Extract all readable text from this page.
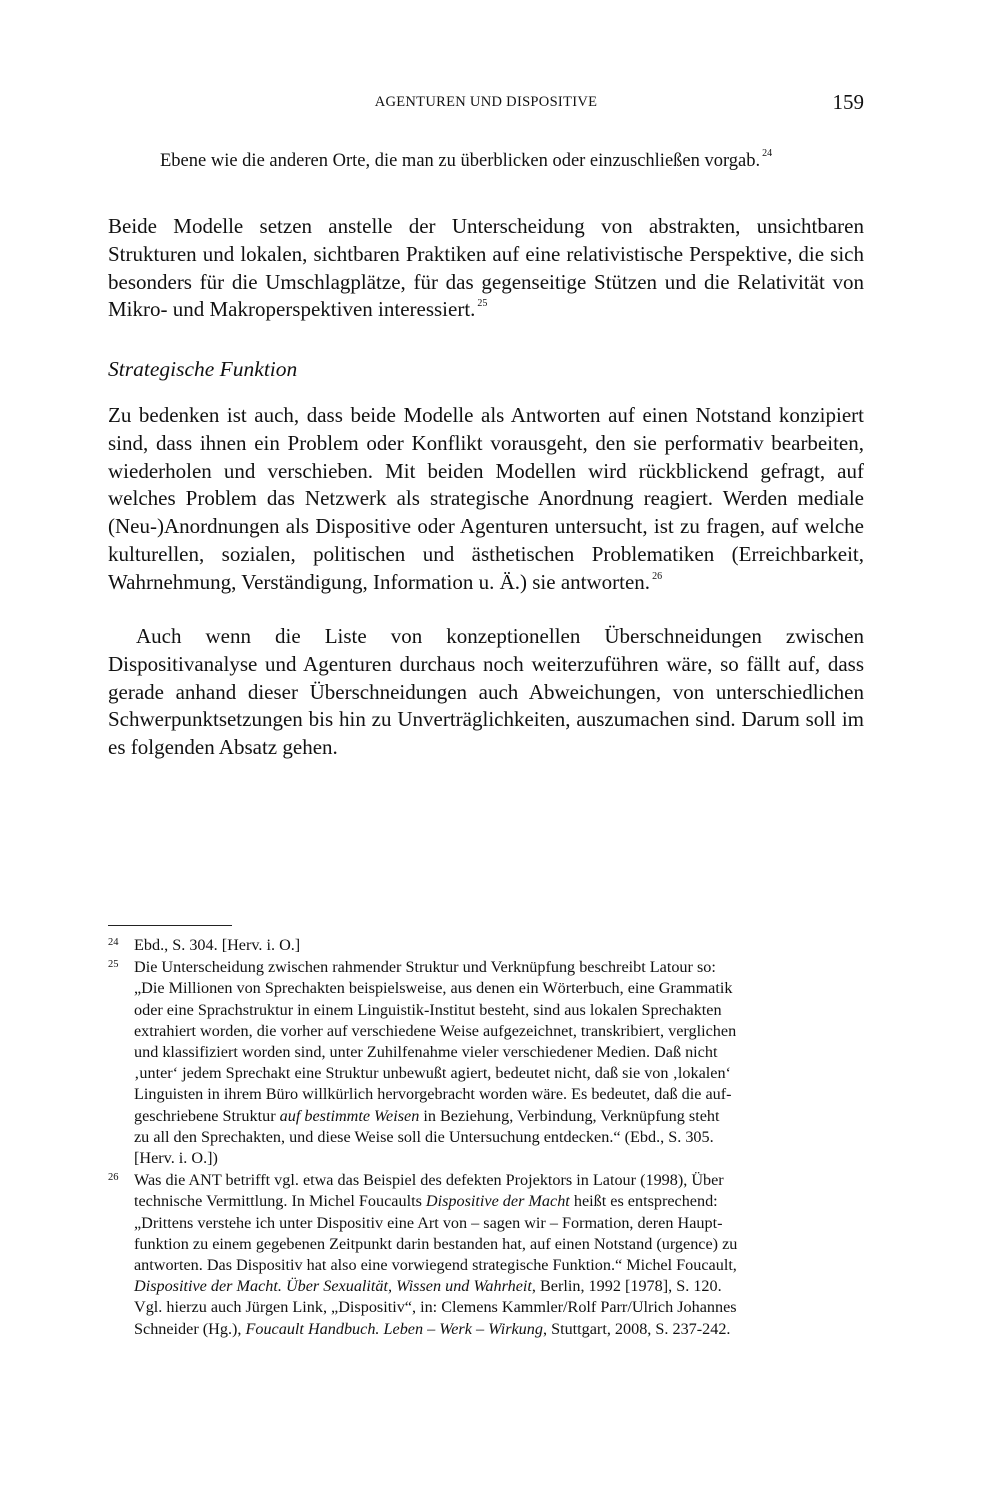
AGENTUREN UND DISPOSITIVE	159

Ebene wie die anderen Orte, die man zu überblicken oder einzuschließen vorgab. $^{24}$

Beide Modelle setzen anstelle der Unterscheidung von abstrakten, unsichtbaren Strukturen und lokalen, sichtbaren Praktiken auf eine relativistische Perspektive, die sich besonders für die Umschlagplätze, für das gegenseitige Stützen und die Relativität von Mikro- und Makroperspektiven interessiert. $^{25}$

Strategische Funktion

Zu bedenken ist auch, dass beide Modelle als Antworten auf einen Notstand konzipiert sind, dass ihnen ein Problem oder Konflikt vorausgeht, den sie performativ bearbeiten, wiederholen und verschieben. Mit beiden Modellen wird rückblickend gefragt, auf welches Problem das Netzwerk als strategische Anordnung reagiert. Werden mediale (Neu-)Anordnungen als Dispositive oder Agenturen untersucht, ist zu fragen, auf welche kulturellen, sozialen, politischen und ästhetischen Problematiken (Erreichbarkeit, Wahrnehmung, Verständigung, Information u. Ä.) sie antworten. $^{26}$

Auch wenn die Liste von konzeptionellen Überschneidungen zwischen Dispositivanalyse und Agenturen durchaus noch weiterzuführen wäre, so fällt auf, dass gerade anhand dieser Überschneidungen auch Abweichungen, von unterschiedlichen Schwerpunktsetzungen bis hin zu Unverträglichkeiten, auszumachen sind. Darum soll im es folgenden Absatz gehen.

24 Ebd., S. 304. [Herv. i. O.]
25 Die Unterscheidung zwischen rahmender Struktur und Verknüpfung beschreibt Latour so:
„Die Millionen von Sprechakten beispielsweise, aus denen ein Wörterbuch, eine Grammatik
oder eine Sprachstruktur in einem Linguistik-Institut besteht, sind aus lokalen Sprechakten
extrahiert worden, die vorher auf verschiedene Weise aufgezeichnet, transkribiert, verglichen
und klassifiziert worden sind, unter Zuhilfenahme vieler verschiedener Medien. Daß nicht
‚unter‘ jedem Sprechakt eine Struktur unbewußt agiert, bedeutet nicht, daß sie von ‚lokalen‘
Linguisten in ihrem Büro willkürlich hervorgebracht worden wäre. Es bedeutet, daß die auf-
geschriebene Struktur auf bestimmte Weisen in Beziehung, Verbindung, Verknüpfung steht
zu all den Sprechakten, und diese Weise soll die Untersuchung entdecken.“ (Ebd., S. 305.
[Herv. i. O.])
26 Was die ANT betrifft vgl. etwa das Beispiel des defekten Projektors in Latour (1998), Über
technische Vermittlung. In Michel Foucaults Dispositive der Macht heißt es entsprechend:
„Drittens verstehe ich unter Dispositiv eine Art von – sagen wir – Formation, deren Haupt-
funktion zu einem gegebenen Zeitpunkt darin bestanden hat, auf einen Notstand (urgence) zu
antworten. Das Dispositiv hat also eine vorwiegend strategische Funktion.“ Michel Foucault,
Dispositive der Macht. Über Sexualität, Wissen und Wahrheit, Berlin, 1992 [1978], S. 120.
Vgl. hierzu auch Jürgen Link, „Dispositiv“, in: Clemens Kammler/Rolf Parr/Ulrich Johannes
Schneider (Hg.), Foucault Handbuch. Leben – Werk – Wirkung, Stuttgart, 2008, S. 237-242.
